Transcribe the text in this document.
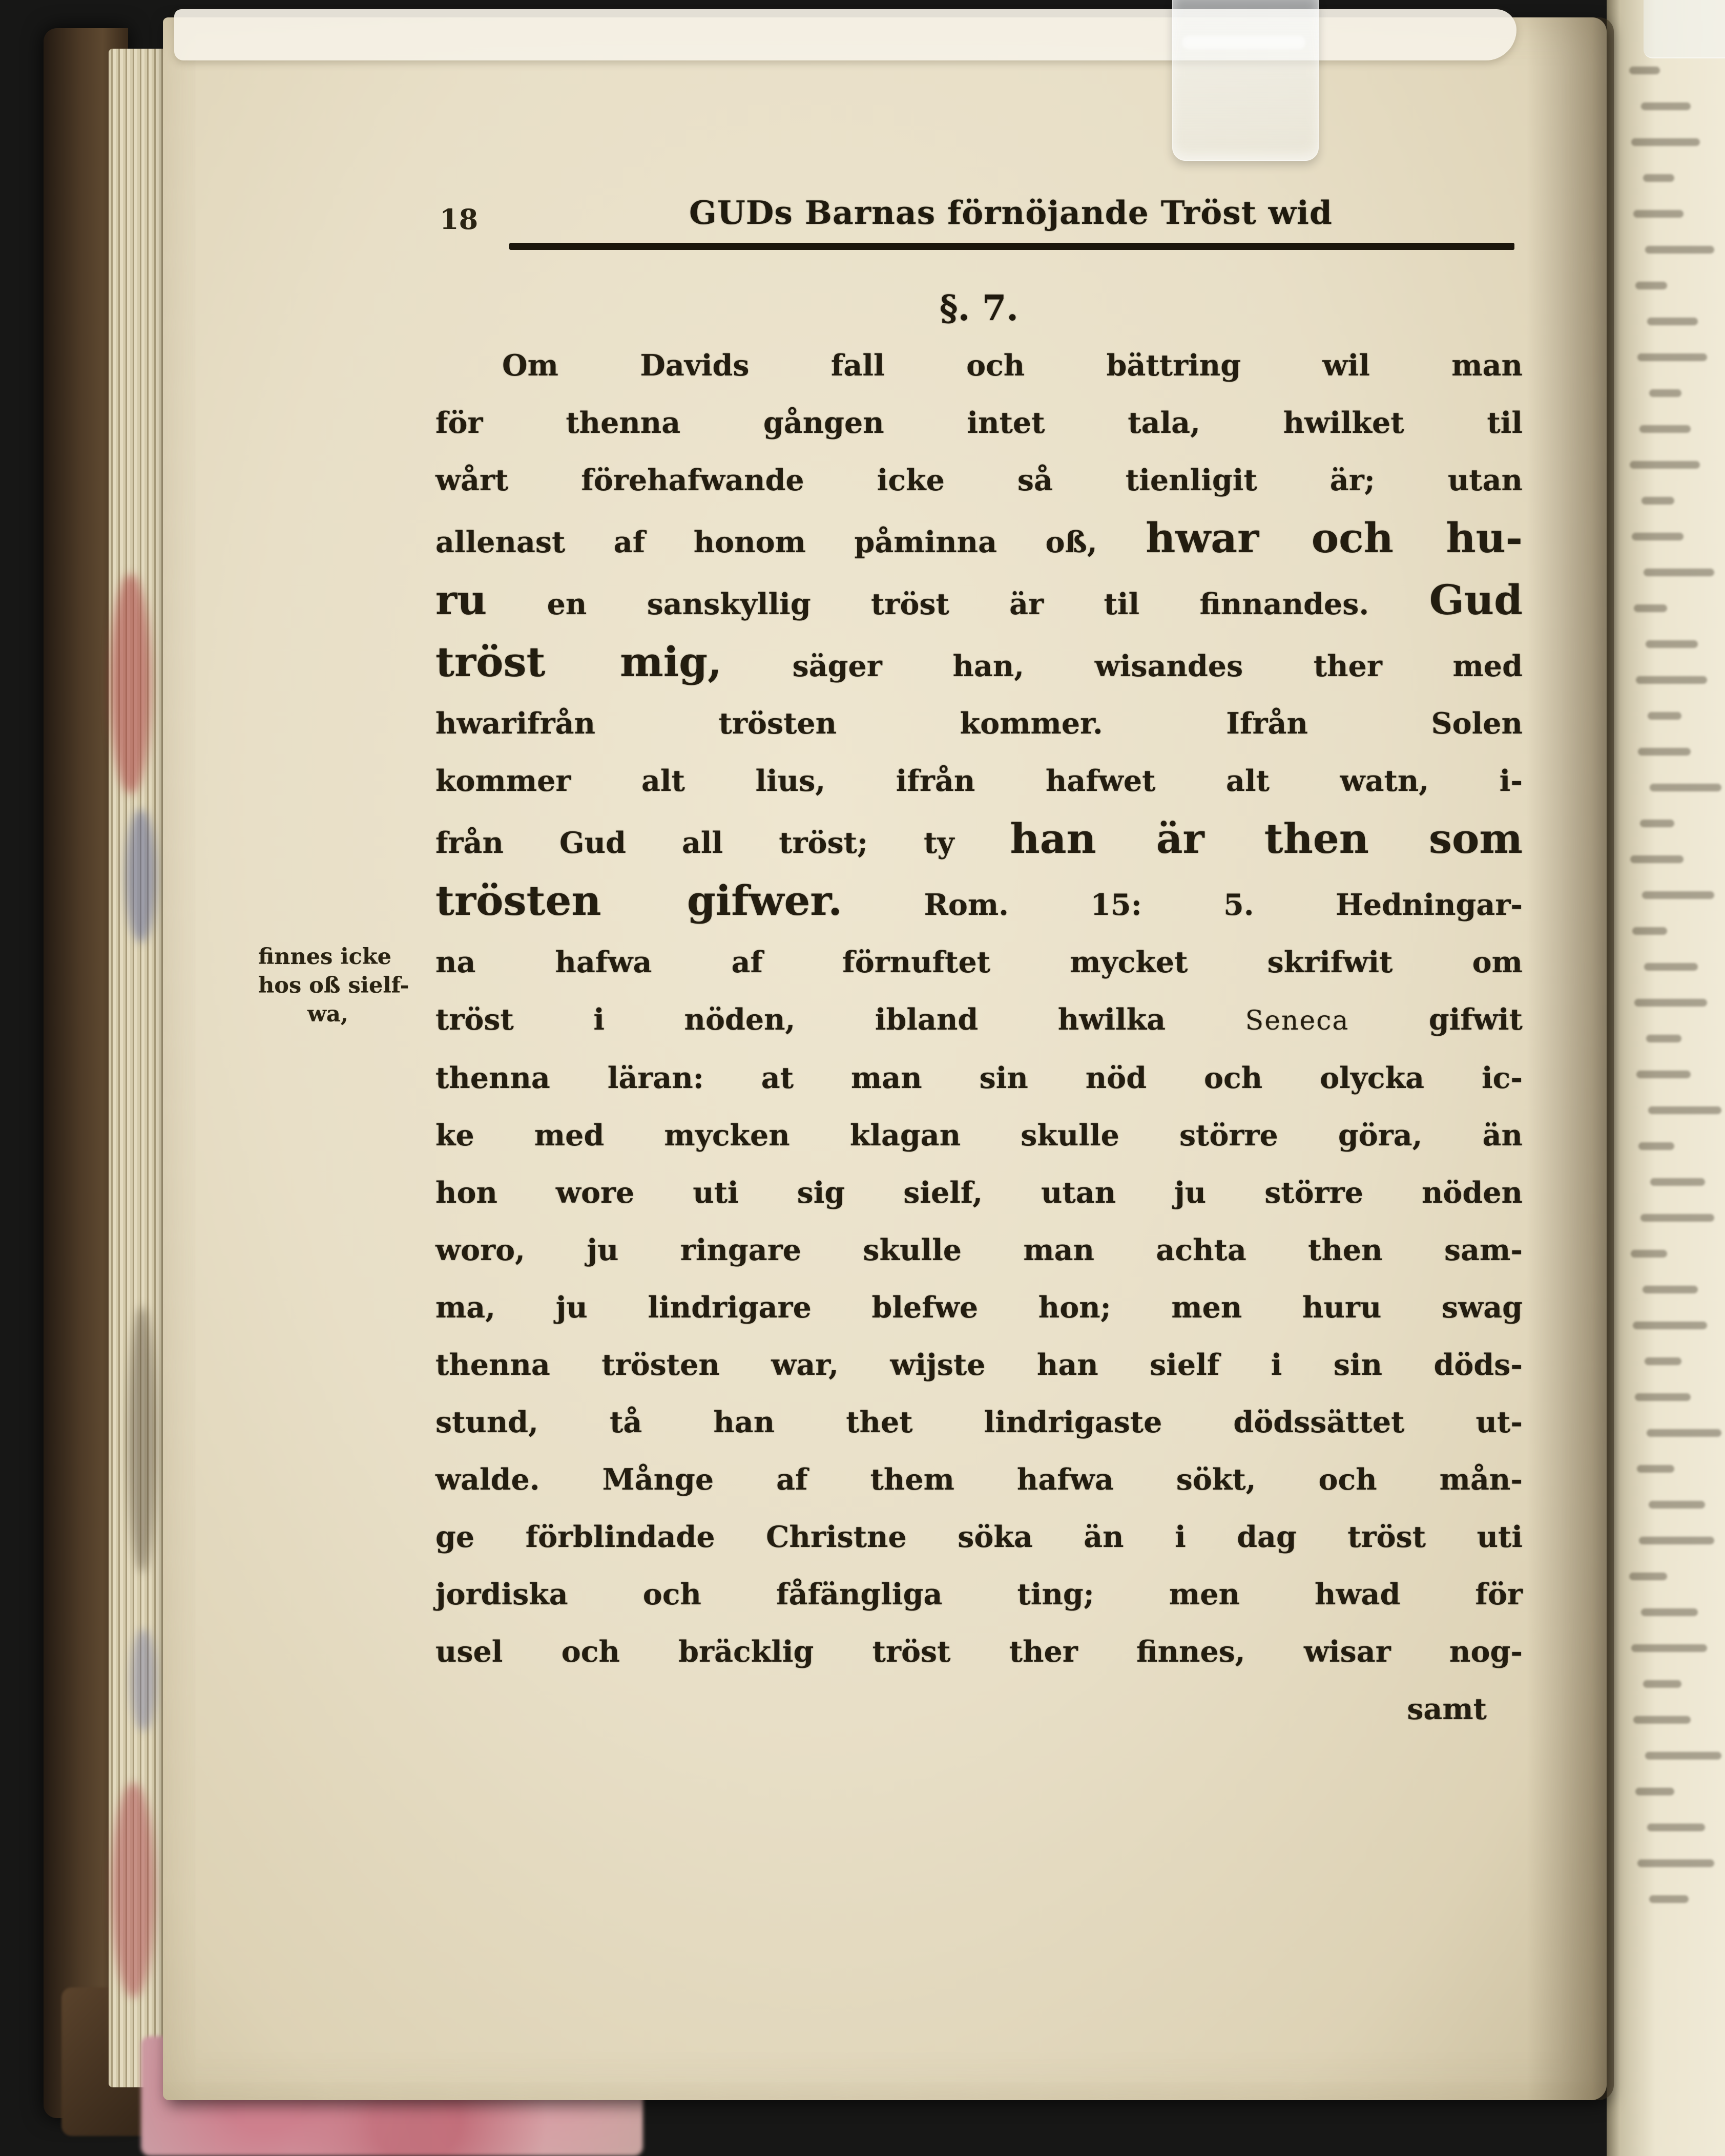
18	GUDs Barnas förnöjande Tröst wid
§. 7.
Om Davids fall och bättring wil man
för thenna gången intet tala, hwilket til
wårt förehafwande icke så tienligit är; utan
allenast af honom påminna oß, hwar och hu-
ru en sanskyllig tröst är til finnandes. Gud
tröst mig, säger han, wisandes ther med
hwarifrån trösten kommer. Ifrån Solen
kommer alt lius, ifrån hafwet alt watn, i-
från Gud all tröst; ty han är then som
trösten gifwer. Rom. 15: 5. Hedningar-
na hafwa af förnuftet mycket skrifwit om
tröst i nöden, ibland hwilka Seneca gifwit
thenna läran: at man sin nöd och olycka ic-
ke med mycken klagan skulle större göra, än
hon wore uti sig sielf, utan ju större nöden
woro, ju ringare skulle man achta then sam-
ma, ju lindrigare blefwe hon; men huru swag
thenna trösten war, wijste han sielf i sin döds-
stund, tå han thet lindrigaste dödssättet ut-
walde. Månge af them hafwa sökt, och mån-
ge förblindade Christne söka än i dag tröst uti
jordiska och fåfängliga ting; men hwad för
usel och bräcklig tröst ther finnes, wisar nog-
samt
finnes icke
hos oß sielf-
wa,
